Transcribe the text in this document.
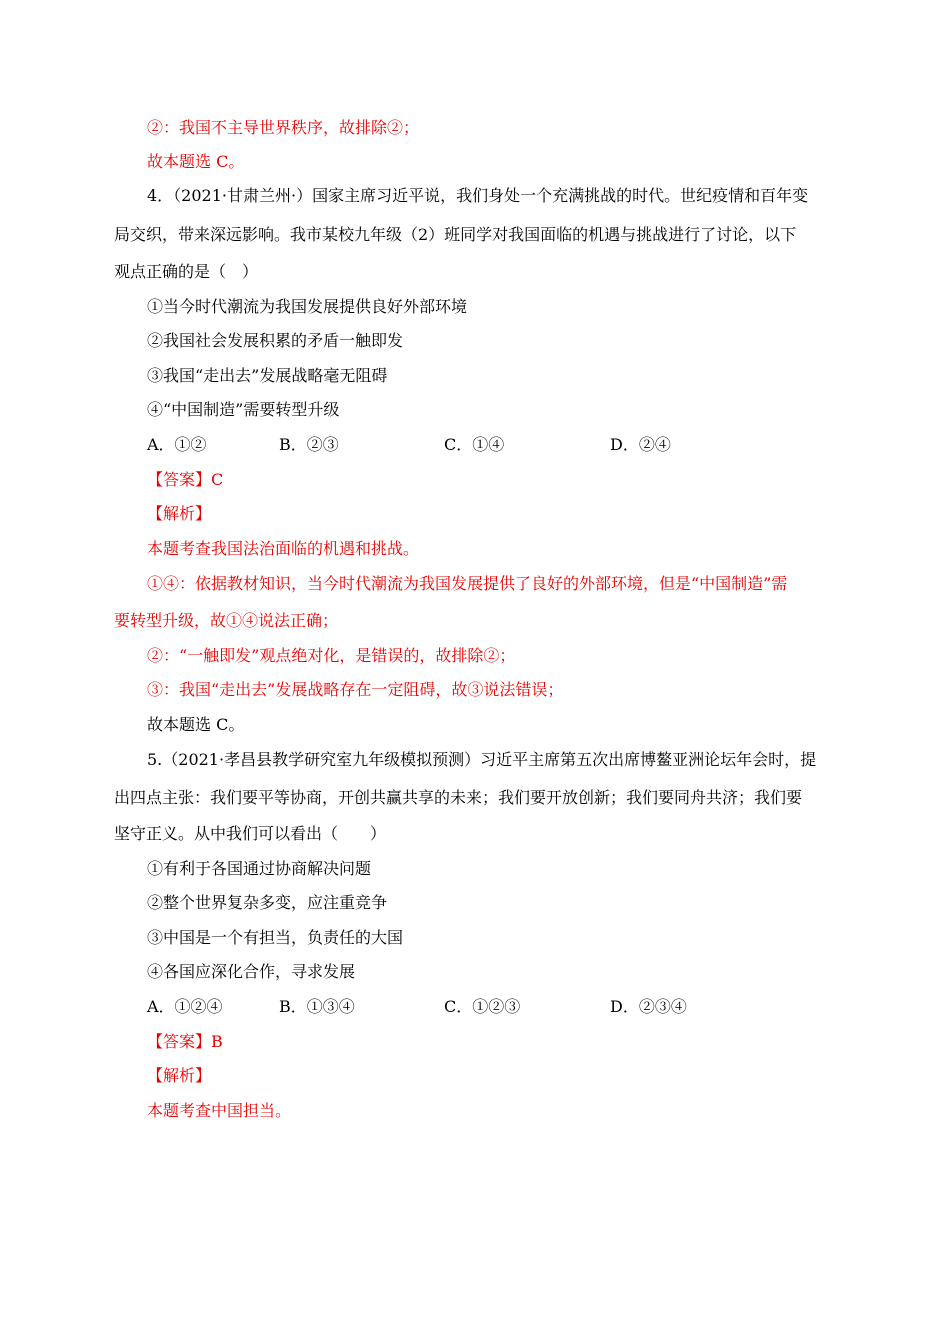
②：我国不主导世界秩序，故排除②；
故本题选 C。
4．（2021·甘肃兰州·）国家主席习近平说，我们身处一个充满挑战的时代。世纪疫情和百年变
局交织，带来深远影响。我市某校九年级（2）班同学对我国面临的机遇与挑战进行了讨论，以下
观点正确的是（　）
①当今时代潮流为我国发展提供良好外部环境
②我国社会发展积累的矛盾一触即发
③我国“走出去”发展战略毫无阻碍
④“中国制造”需要转型升级
A．①②	B．②③	C．①④	D．②④
【答案】C
【解析】
本题考查我国法治面临的机遇和挑战。
①④：依据教材知识，当今时代潮流为我国发展提供了良好的外部环境，但是“中国制造”需
要转型升级，故①④说法正确；
②：“一触即发”观点绝对化，是错误的，故排除②；
③：我国“走出去”发展战略存在一定阻碍，故③说法错误；
故本题选 C。
5.（2021·孝昌县教学研究室九年级模拟预测）习近平主席第五次出席博鳌亚洲论坛年会时，提
出四点主张：我们要平等协商，开创共赢共享的未来；我们要开放创新；我们要同舟共济；我们要
坚守正义。从中我们可以看出（　　）
①有利于各国通过协商解决问题
②整个世界复杂多变，应注重竞争
③中国是一个有担当，负责任的大国
④各国应深化合作，寻求发展
A．①②④	B．①③④	C．①②③	D．②③④
【答案】B
【解析】
本题考查中国担当。
